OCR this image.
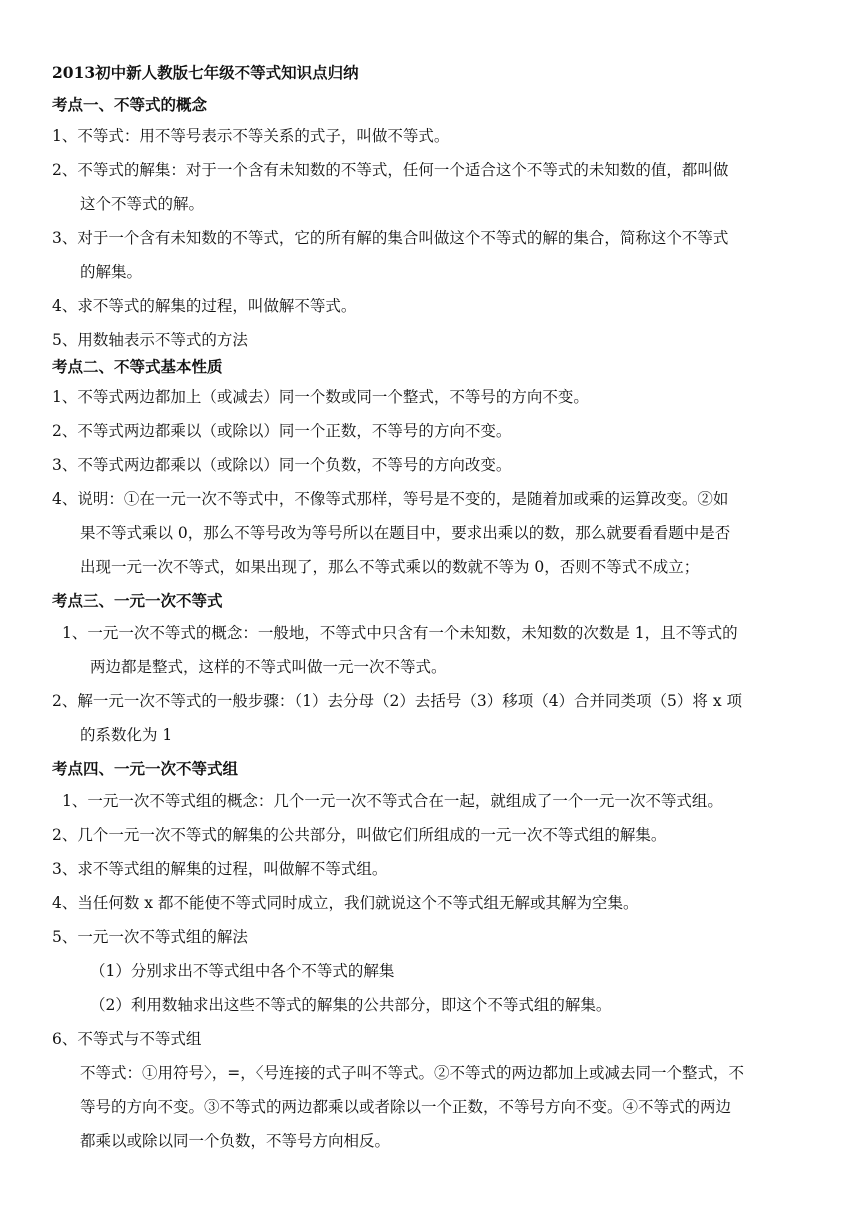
2013初中新人教版七年级不等式知识点归纳
考点一、不等式的概念
1、不等式：用不等号表示不等关系的式子，叫做不等式。
2、不等式的解集：对于一个含有未知数的不等式，任何一个适合这个不等式的未知数的值，都叫做
这个不等式的解。
3、对于一个含有未知数的不等式，它的所有解的集合叫做这个不等式的解的集合，简称这个不等式
的解集。
4、求不等式的解集的过程，叫做解不等式。
5、用数轴表示不等式的方法
考点二、不等式基本性质
1、不等式两边都加上（或减去）同一个数或同一个整式，不等号的方向不变。
2、不等式两边都乘以（或除以）同一个正数，不等号的方向不变。
3、不等式两边都乘以（或除以）同一个负数，不等号的方向改变。
4、说明：①在一元一次不等式中，不像等式那样，等号是不变的，是随着加或乘的运算改变。②如
果不等式乘以 0，那么不等号改为等号所以在题目中，要求出乘以的数，那么就要看看题中是否
出现一元一次不等式，如果出现了，那么不等式乘以的数就不等为 0，否则不等式不成立；
考点三、一元一次不等式
1、一元一次不等式的概念：一般地，不等式中只含有一个未知数，未知数的次数是 1，且不等式的
两边都是整式，这样的不等式叫做一元一次不等式。
2、解一元一次不等式的一般步骤：（1）去分母（2）去括号（3）移项（4）合并同类项（5）将 x 项
的系数化为 1
考点四、一元一次不等式组
1、一元一次不等式组的概念：几个一元一次不等式合在一起，就组成了一个一元一次不等式组。
2、几个一元一次不等式的解集的公共部分，叫做它们所组成的一元一次不等式组的解集。
3、求不等式组的解集的过程，叫做解不等式组。
4、当任何数 x 都不能使不等式同时成立，我们就说这个不等式组无解或其解为空集。
5、一元一次不等式组的解法
（1）分别求出不等式组中各个不等式的解集
（2）利用数轴求出这些不等式的解集的公共部分，即这个不等式组的解集。
6、不等式与不等式组
不等式：①用符号〉，=，〈号连接的式子叫不等式。②不等式的两边都加上或减去同一个整式，不
等号的方向不变。③不等式的两边都乘以或者除以一个正数，不等号方向不变。④不等式的两边
都乘以或除以同一个负数，不等号方向相反。
